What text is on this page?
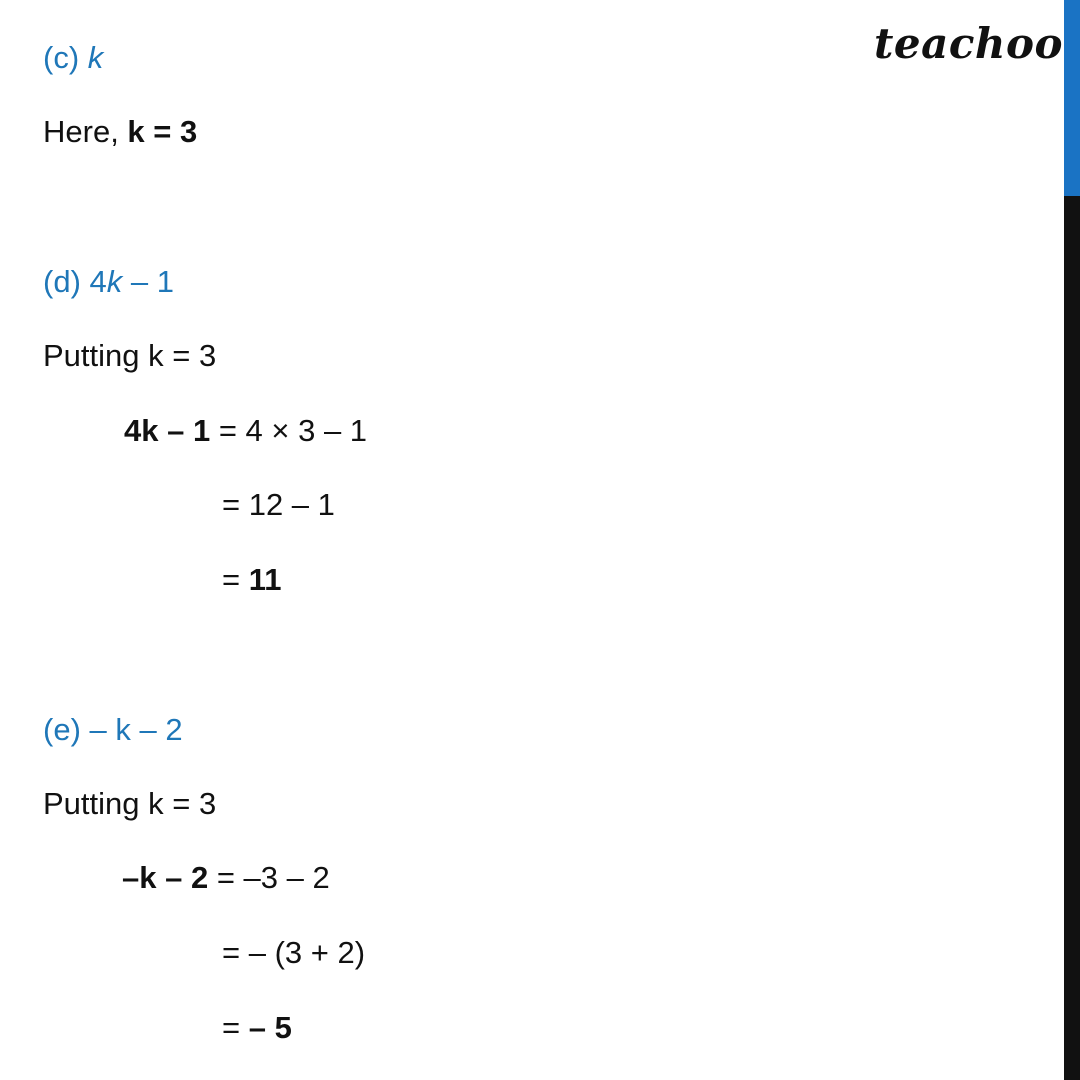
teachoo
(c) k
Here, k = 3
(d) 4k – 1
Putting k = 3
4k – 1 = 4 × 3 – 1
= 12 – 1
= 11
(e) – k – 2
Putting k = 3
–k – 2 = –3 – 2
= – (3 + 2)
= – 5
